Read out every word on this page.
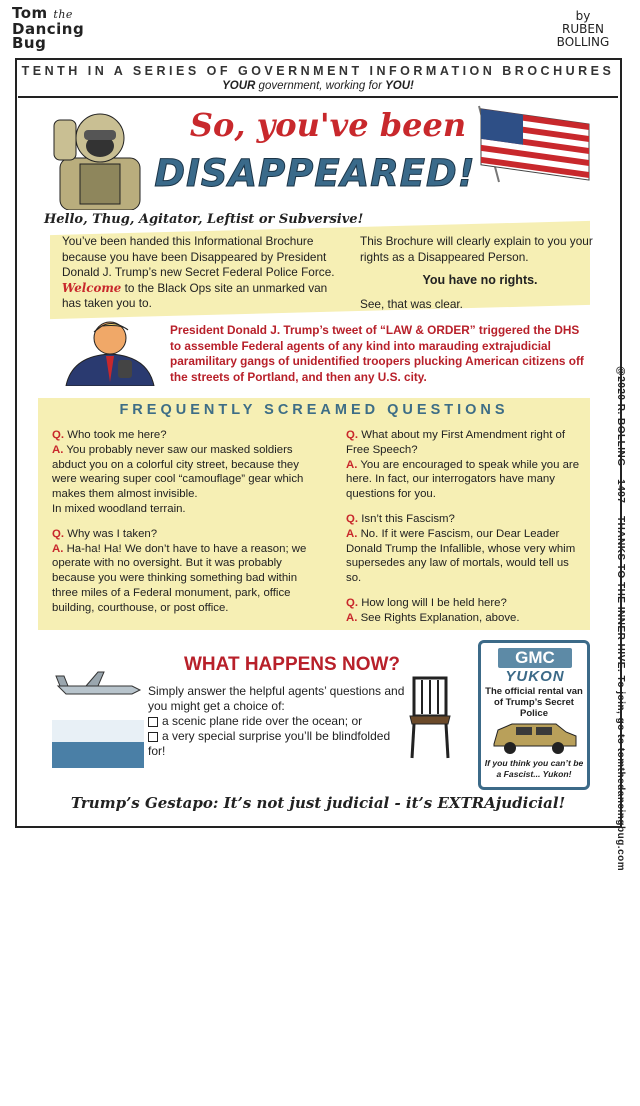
Tom the
Dancing
Bug
by
RUBEN
BOLLING
TENTH IN A SERIES OF GOVERNMENT INFORMATION BROCHURES
YOUR government, working for YOU!
So, you've been
DISAPPEARED!
Hello, Thug, Agitator, Leftist or Subversive!
You’ve been handed this Informational Brochure because you have been Disappeared by President Donald J. Trump’s new Secret Federal Police Force. Welcome to the Black Ops site an unmarked van has taken you to.
This Brochure will clearly explain to you your rights as a Disappeared Person.
You have no rights.
See, that was clear.
President Donald J. Trump’s tweet of “LAW & ORDER” triggered the DHS to assemble Federal agents of any kind into marauding extrajudicial paramilitary gangs of unidentified troopers plucking American citizens off the streets of Portland, and then any U.S. city.
FREQUENTLY SCREAMED QUESTIONS

Q. Who took me here?
A. You probably never saw our masked soldiers abduct you on a colorful city street, because they were wearing super cool “camouflage” gear which makes them almost invisible.
In mixed woodland terrain.

Q. Why was I taken?
A. Ha-ha! Ha! We don’t have to have a reason; we operate with no oversight. But it was probably because you were thinking something bad within three miles of a Federal monument, park, office building, courthouse, or post office.

Q. What about my First Amendment right of Free Speech?
A. You are encouraged to speak while you are here. In fact, our interrogators have many questions for you.

Q. Isn’t this Fascism?
A. No. If it were Fascism, our Dear Leader Donald Trump the Infallible, whose very whim supersedes any law of mortals, would tell us so.

Q. How long will I be held here?
A. See Rights Explanation, above.

WHAT HAPPENS NOW?
Simply answer the helpful agents’ questions and you might get a choice of:
a scenic plane ride over the ocean; or
a very special surprise you’ll be blindfolded for!
GMC
YUKON
The official rental van of Trump’s Secret Police
If you think you can’t be a Fascist... Yukon!
Trump’s Gestapo: It’s not just judicial - it’s EXTRAjudicial!	@2020 R. BOLLING – 1497 – THANKS TO THE INNER HIVE. To join, go to tomthedancingbug.com
